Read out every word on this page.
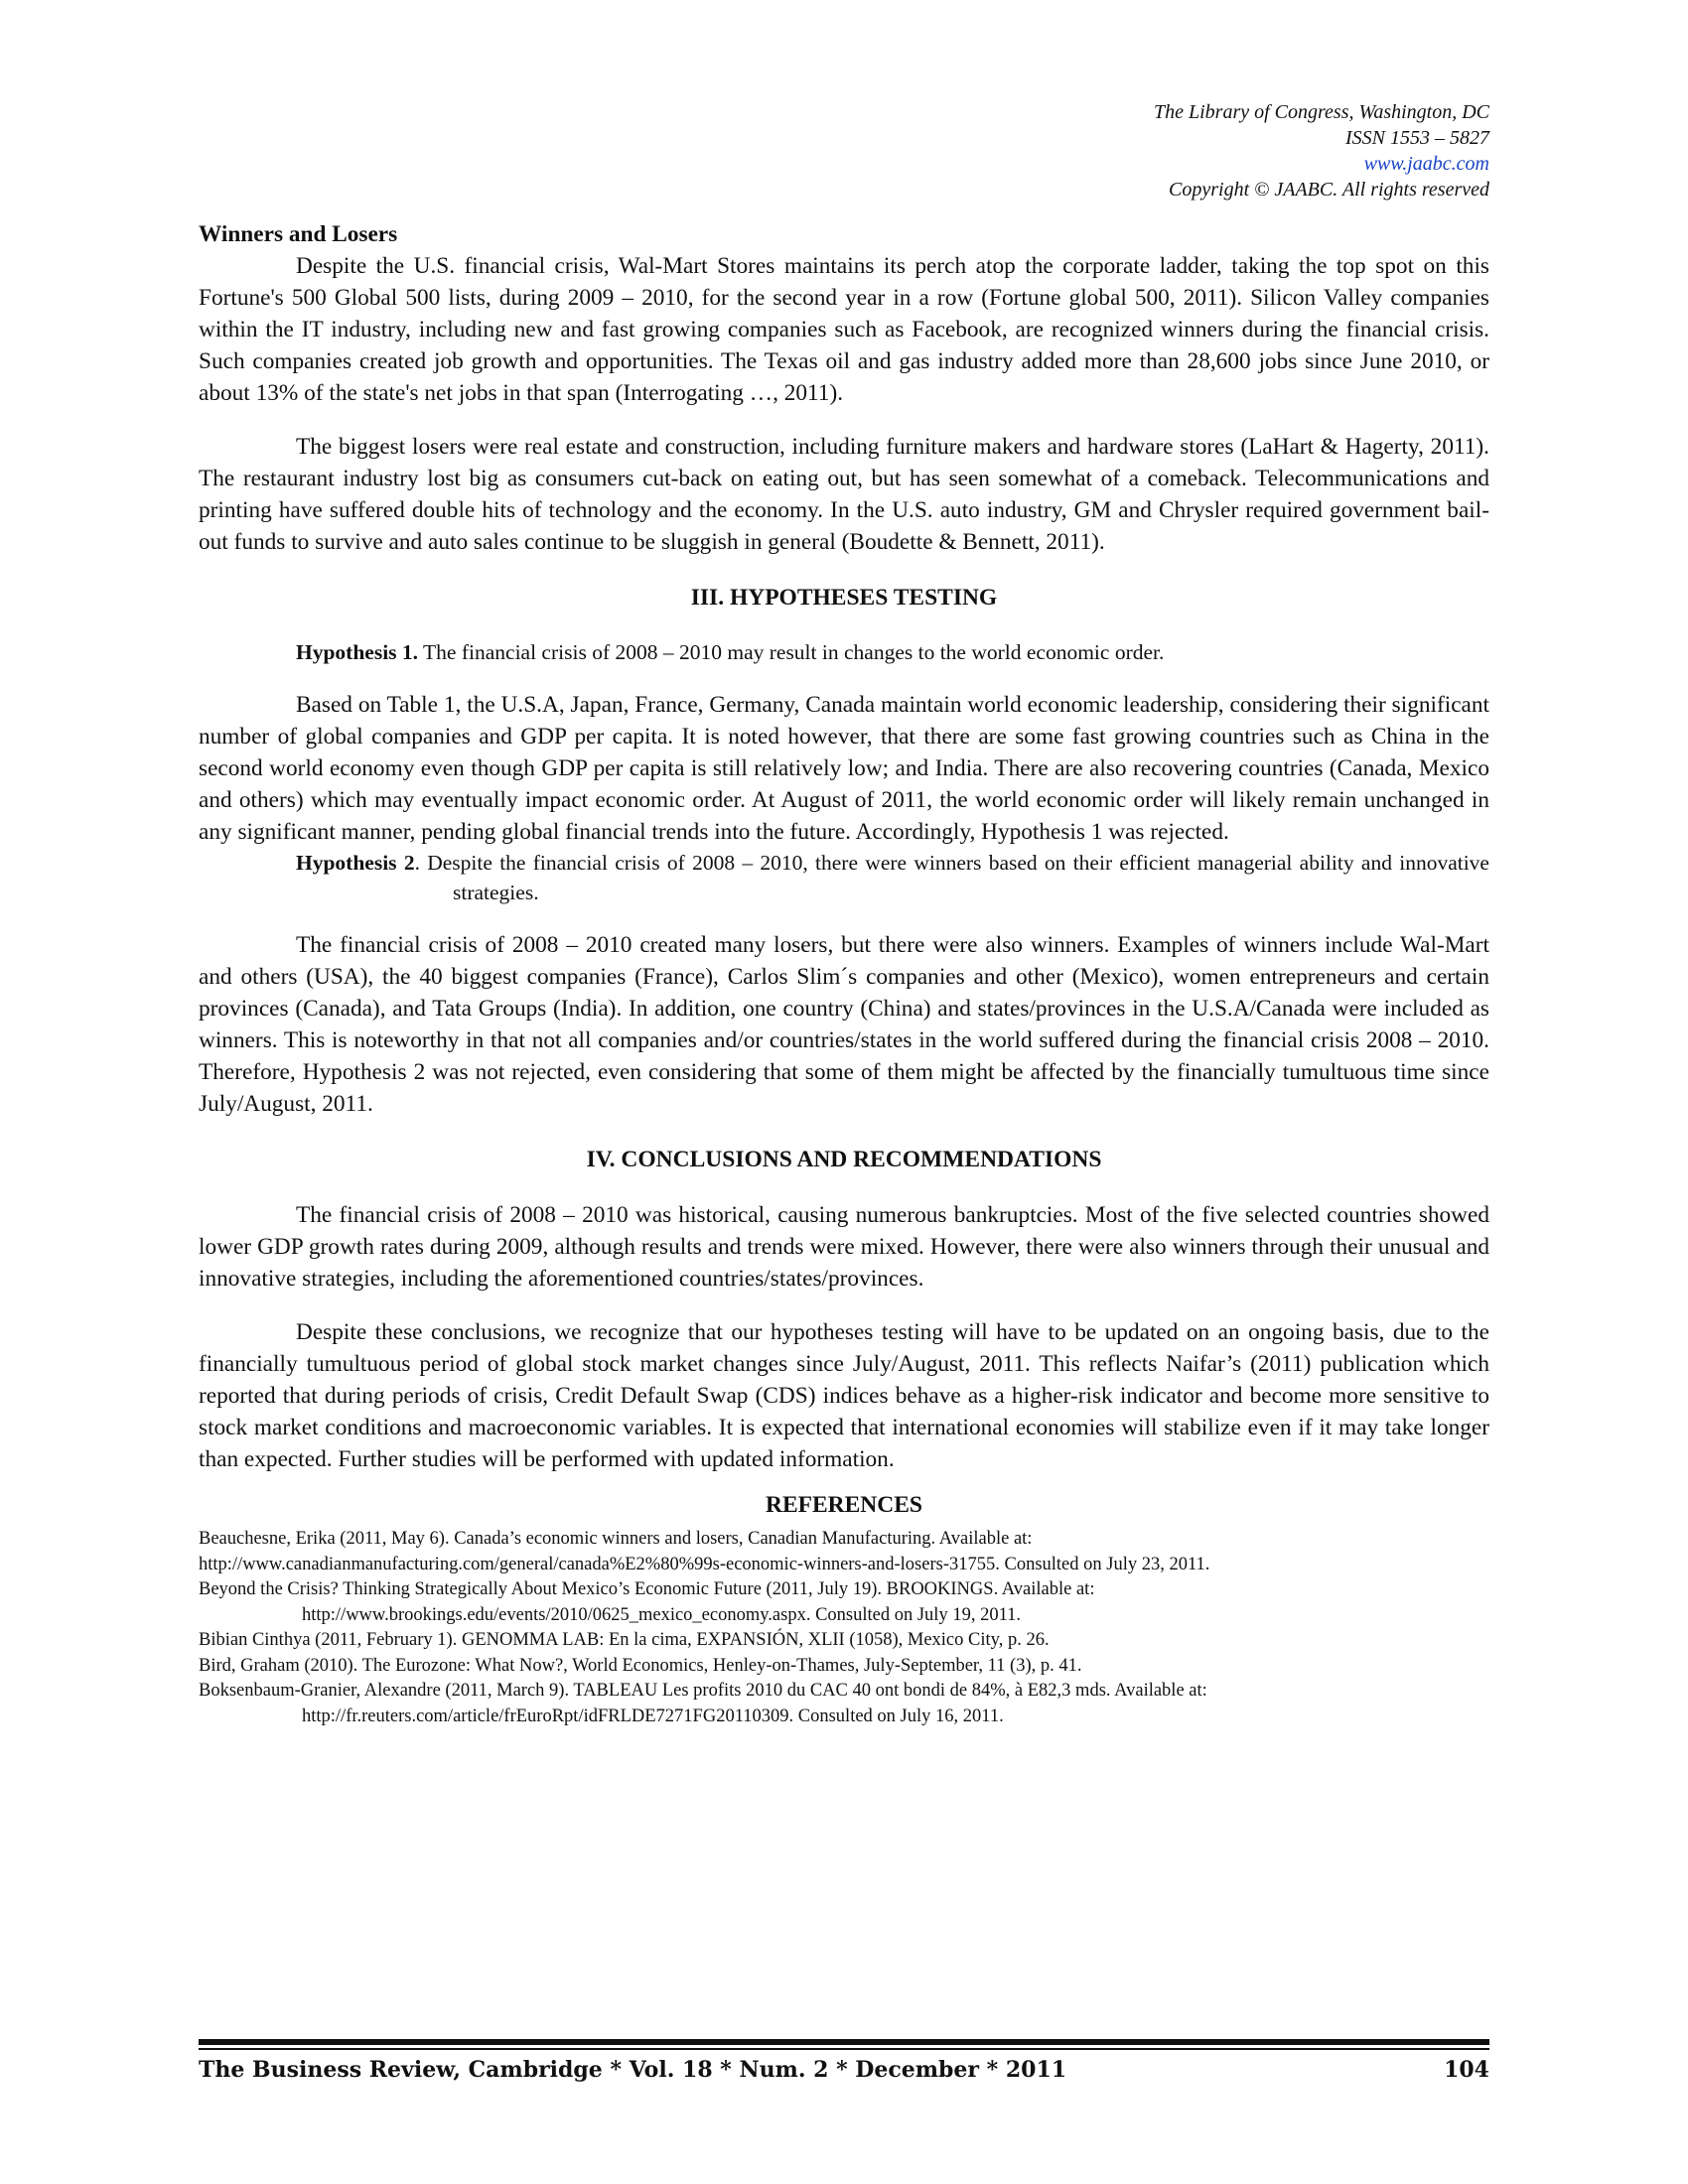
The Library of Congress, Washington, DC
ISSN 1553 – 5827
www.jaabc.com
Copyright © JAABC. All rights reserved

Winners and Losers

Despite the U.S. financial crisis, Wal-Mart Stores maintains its perch atop the corporate ladder, taking the top spot on this Fortune's 500 Global 500 lists, during 2009 – 2010, for the second year in a row (Fortune global 500, 2011). Silicon Valley companies within the IT industry, including new and fast growing companies such as Facebook, are recognized winners during the financial crisis. Such companies created job growth and opportunities. The Texas oil and gas industry added more than 28,600 jobs since June 2010, or about 13% of the state's net jobs in that span (Interrogating …, 2011).

The biggest losers were real estate and construction, including furniture makers and hardware stores (LaHart & Hagerty, 2011). The restaurant industry lost big as consumers cut-back on eating out, but has seen somewhat of a comeback. Telecommunications and printing have suffered double hits of technology and the economy. In the U.S. auto industry, GM and Chrysler required government bail-out funds to survive and auto sales continue to be sluggish in general (Boudette & Bennett, 2011).

III. HYPOTHESES TESTING

Hypothesis 1. The financial crisis of 2008 – 2010 may result in changes to the world economic order.

Based on Table 1, the U.S.A, Japan, France, Germany, Canada maintain world economic leadership, considering their significant number of global companies and GDP per capita. It is noted however, that there are some fast growing countries such as China in the second world economy even though GDP per capita is still relatively low; and India. There are also recovering countries (Canada, Mexico and others) which may eventually impact economic order. At August of 2011, the world economic order will likely remain unchanged in any significant manner, pending global financial trends into the future. Accordingly, Hypothesis 1 was rejected.

Hypothesis 2. Despite the financial crisis of 2008 – 2010, there were winners based on their efficient managerial ability and innovative strategies.

The financial crisis of 2008 – 2010 created many losers, but there were also winners. Examples of winners include Wal-Mart and others (USA), the 40 biggest companies (France), Carlos Slim´s companies and other (Mexico), women entrepreneurs and certain provinces (Canada), and Tata Groups (India). In addition, one country (China) and states/provinces in the U.S.A/Canada were included as winners. This is noteworthy in that not all companies and/or countries/states in the world suffered during the financial crisis 2008 – 2010. Therefore, Hypothesis 2 was not rejected, even considering that some of them might be affected by the financially tumultuous time since July/August, 2011.

IV. CONCLUSIONS AND RECOMMENDATIONS

The financial crisis of 2008 – 2010 was historical, causing numerous bankruptcies. Most of the five selected countries showed lower GDP growth rates during 2009, although results and trends were mixed. However, there were also winners through their unusual and innovative strategies, including the aforementioned countries/states/provinces.

Despite these conclusions, we recognize that our hypotheses testing will have to be updated on an ongoing basis, due to the financially tumultuous period of global stock market changes since July/August, 2011. This reflects Naifar’s (2011) publication which reported that during periods of crisis, Credit Default Swap (CDS) indices behave as a higher-risk indicator and become more sensitive to stock market conditions and macroeconomic variables. It is expected that international economies will stabilize even if it may take longer than expected. Further studies will be performed with updated information.

REFERENCES

Beauchesne, Erika (2011, May 6). Canada’s economic winners and losers, Canadian Manufacturing. Available at:
http://www.canadianmanufacturing.com/general/canada%E2%80%99s-economic-winners-and-losers-31755. Consulted on July 23, 2011.

Beyond the Crisis? Thinking Strategically About Mexico’s Economic Future (2011, July 19). BROOKINGS. Available at:
http://www.brookings.edu/events/2010/0625_mexico_economy.aspx. Consulted on July 19, 2011.

Bibian Cinthya (2011, February 1). GENOMMA LAB: En la cima, EXPANSIÓN, XLII (1058), Mexico City, p. 26.

Bird, Graham (2010). The Eurozone: What Now?, World Economics, Henley-on-Thames, July-September, 11 (3), p. 41.

Boksenbaum-Granier, Alexandre (2011, March 9). TABLEAU Les profits 2010 du CAC 40 ont bondi de 84%, à E82,3 mds. Available at:
http://fr.reuters.com/article/frEuroRpt/idFRLDE7271FG20110309. Consulted on July 16, 2011.

The Business Review, Cambridge * Vol. 18 * Num. 2 * December * 2011	104
